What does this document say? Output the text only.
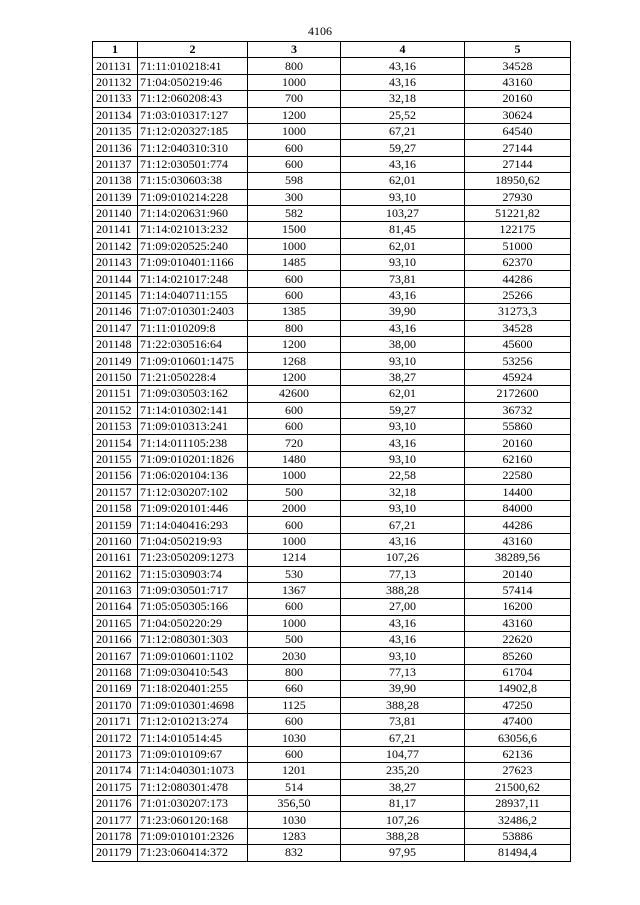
4106
1	2	3	4	5
201131	71:11:010218:41	800	43,16	34528
201132	71:04:050219:46	1000	43,16	43160
201133	71:12:060208:43	700	32,18	20160
201134	71:03:010317:127	1200	25,52	30624
201135	71:12:020327:185	1000	67,21	64540
201136	71:12:040310:310	600	59,27	27144
201137	71:12:030501:774	600	43,16	27144
201138	71:15:030603:38	598	62,01	18950,62
201139	71:09:010214:228	300	93,10	27930
201140	71:14:020631:960	582	103,27	51221,82
201141	71:14:021013:232	1500	81,45	122175
201142	71:09:020525:240	1000	62,01	51000
201143	71:09:010401:1166	1485	93,10	62370
201144	71:14:021017:248	600	73,81	44286
201145	71:14:040711:155	600	43,16	25266
201146	71:07:010301:2403	1385	39,90	31273,3
201147	71:11:010209:8	800	43,16	34528
201148	71:22:030516:64	1200	38,00	45600
201149	71:09:010601:1475	1268	93,10	53256
201150	71:21:050228:4	1200	38,27	45924
201151	71:09:030503:162	42600	62,01	2172600
201152	71:14:010302:141	600	59,27	36732
201153	71:09:010313:241	600	93,10	55860
201154	71:14:011105:238	720	43,16	20160
201155	71:09:010201:1826	1480	93,10	62160
201156	71:06:020104:136	1000	22,58	22580
201157	71:12:030207:102	500	32,18	14400
201158	71:09:020101:446	2000	93,10	84000
201159	71:14:040416:293	600	67,21	44286
201160	71:04:050219:93	1000	43,16	43160
201161	71:23:050209:1273	1214	107,26	38289,56
201162	71:15:030903:74	530	77,13	20140
201163	71:09:030501:717	1367	388,28	57414
201164	71:05:050305:166	600	27,00	16200
201165	71:04:050220:29	1000	43,16	43160
201166	71:12:080301:303	500	43,16	22620
201167	71:09:010601:1102	2030	93,10	85260
201168	71:09:030410:543	800	77,13	61704
201169	71:18:020401:255	660	39,90	14902,8
201170	71:09:010301:4698	1125	388,28	47250
201171	71:12:010213:274	600	73,81	47400
201172	71:14:010514:45	1030	67,21	63056,6
201173	71:09:010109:67	600	104,77	62136
201174	71:14:040301:1073	1201	235,20	27623
201175	71:12:080301:478	514	38,27	21500,62
201176	71:01:030207:173	356,50	81,17	28937,11
201177	71:23:060120:168	1030	107,26	32486,2
201178	71:09:010101:2326	1283	388,28	53886
201179	71:23:060414:372	832	97,95	81494,4
